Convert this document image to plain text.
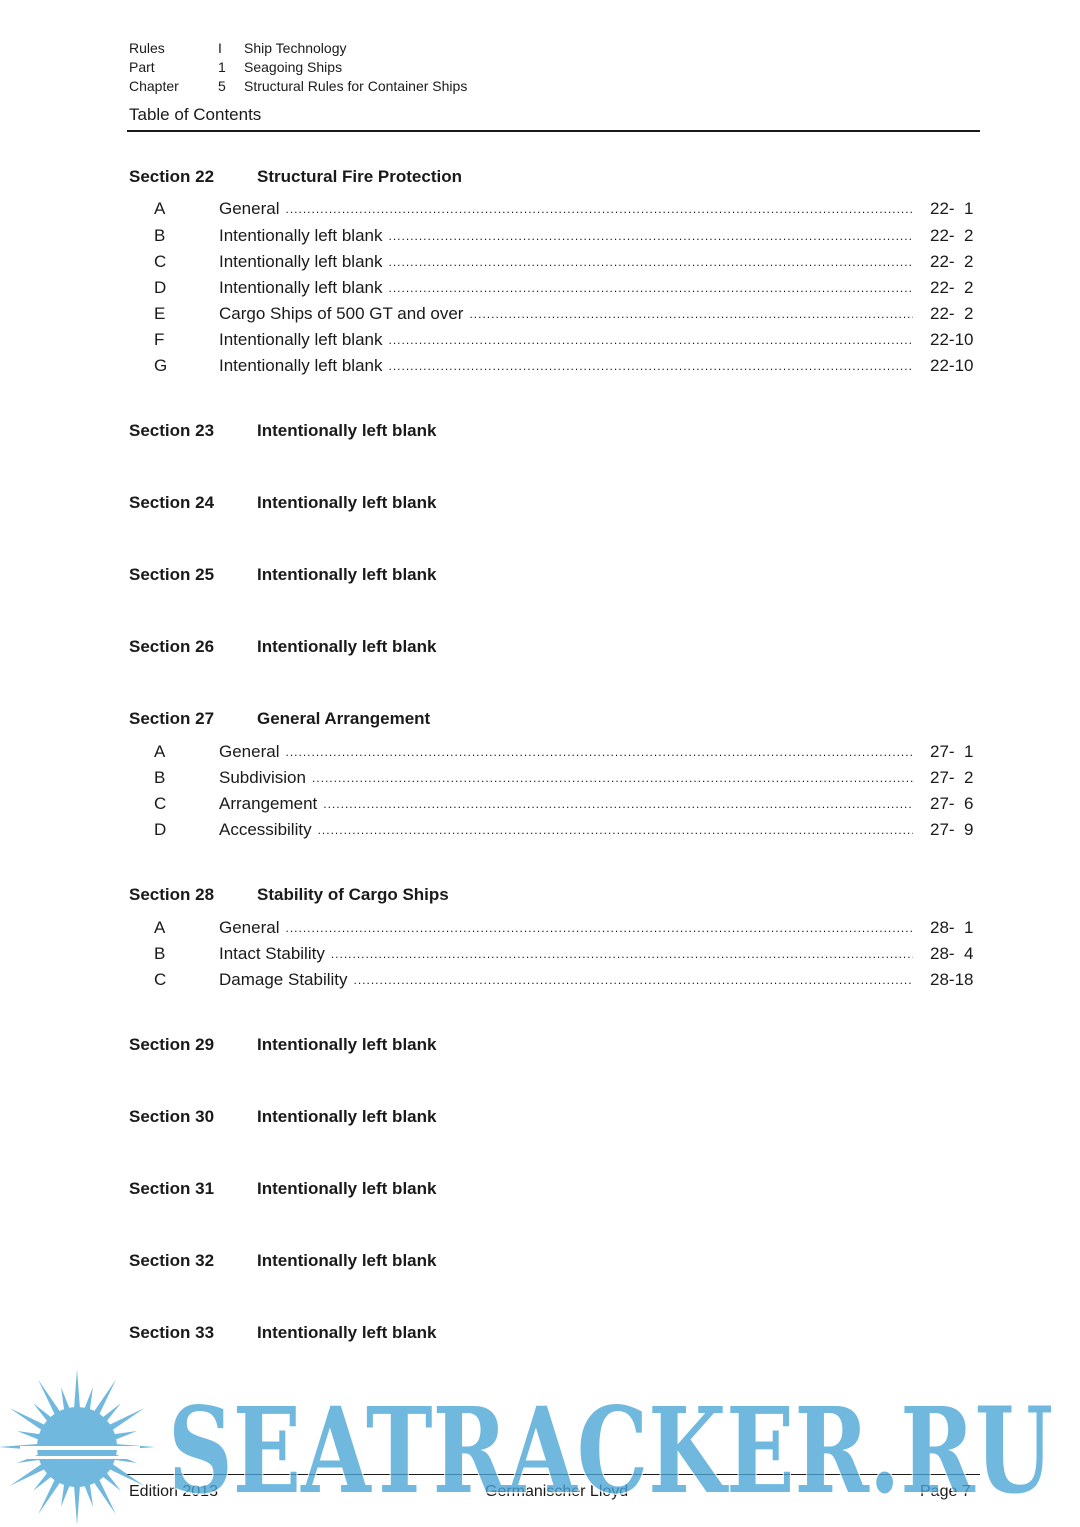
Rules	I Ship Technology
Part	1 Seagoing Ships
Chapter	5 Structural Rules for Container Ships
Table of Contents
Section 22	Structural Fire Protection
A	General .....	22-  1
B	Intentionally left blank .....	22-  2
C	Intentionally left blank .....	22-  2
D	Intentionally left blank .....	22-  2
E	Cargo Ships of 500 GT and over .....	22-  2
F	Intentionally left blank .....	22-10
G	Intentionally left blank .....	22-10
Section 23	Intentionally left blank
Section 24	Intentionally left blank
Section 25	Intentionally left blank
Section 26	Intentionally left blank
Section 27	General Arrangement
A	General .....	27-  1
B	Subdivision .....	27-  2
C	Arrangement .....	27-  6
D	Accessibility .....	27-  9
Section 28	Stability of Cargo Ships
A	General .....	28-  1
B	Intact Stability .....	28-  4
C	Damage Stability .....	28-18
Section 29	Intentionally left blank
Section 30	Intentionally left blank
Section 31	Intentionally left blank
Section 32	Intentionally left blank
Section 33	Intentionally left blank
Edition 2013	Germanischer Lloyd	Page 7
SEATRACKER.RU
